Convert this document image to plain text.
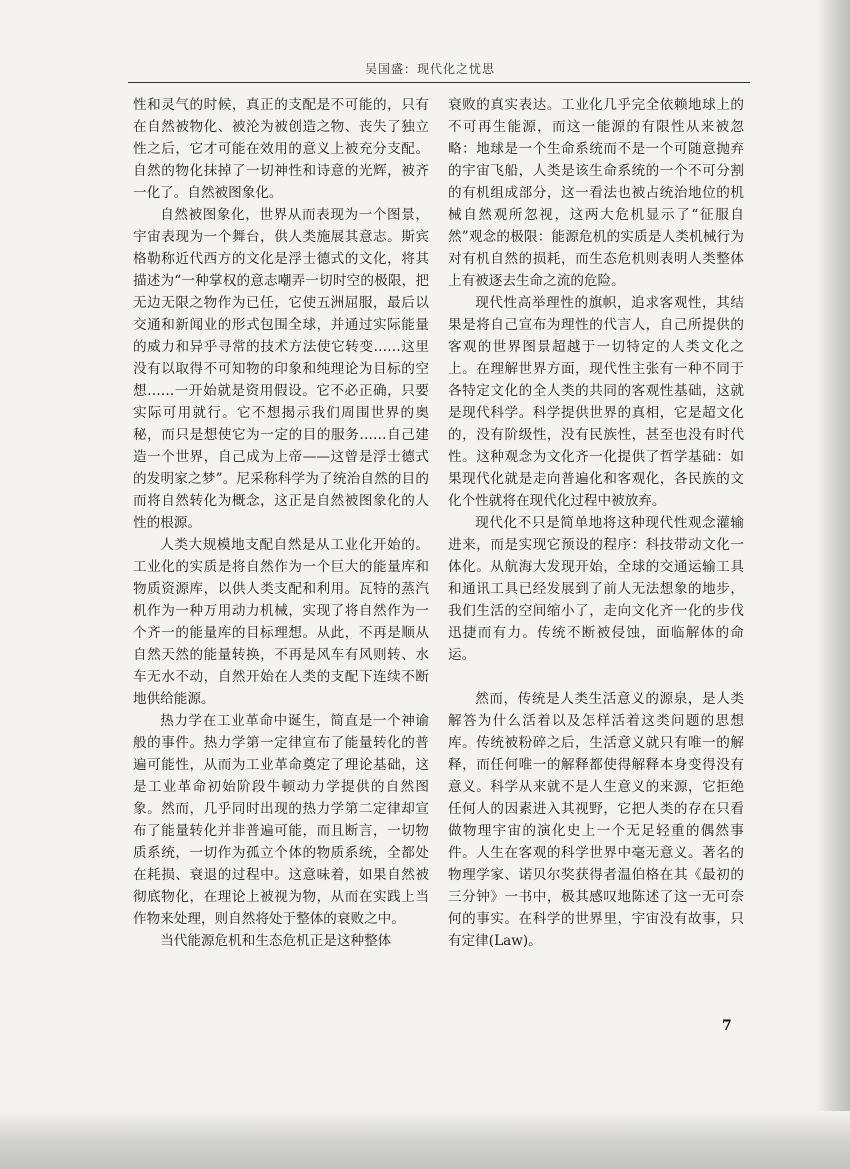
吴国盛：现代化之忧思

性和灵气的时候，真正的支配是不可能的，只有在自然被物化、被沦为被创造之物、丧失了独立性之后，它才可能在效用的意义上被充分支配。自然的物化抹掉了一切神性和诗意的光辉，被齐一化了。自然被图象化。

自然被图象化，世界从而表现为一个图景，宇宙表现为一个舞台，供人类施展其意志。斯宾格勒称近代西方的文化是浮士德式的文化，将其描述为“一种掌权的意志嘲弄一切时空的极限，把无边无限之物作为已任，它使五洲屈服，最后以交通和新闻业的形式包围全球，并通过实际能量的威力和异乎寻常的技术方法使它转变……这里没有以取得不可知物的印象和纯理论为目标的空想……一开始就是资用假设。它不必正确，只要实际可用就行。它不想揭示我们周围世界的奥秘，而只是想使它为一定的目的服务……自己建造一个世界，自己成为上帝——这曾是浮士德式的发明家之梦”。尼采称科学为了统治自然的目的而将自然转化为概念，这正是自然被图象化的人性的根源。

人类大规模地支配自然是从工业化开始的。工业化的实质是将自然作为一个巨大的能量库和物质资源库，以供人类支配和利用。瓦特的蒸汽机作为一种万用动力机械，实现了将自然作为一个齐一的能量库的目标理想。从此，不再是顺从自然天然的能量转换，不再是风车有风则转、水车无水不动，自然开始在人类的支配下连续不断地供给能源。

热力学在工业革命中诞生，简直是一个神谕般的事件。热力学第一定律宣布了能量转化的普遍可能性，从而为工业革命奠定了理论基础，这是工业革命初始阶段牛顿动力学提供的自然图象。然而，几乎同时出现的热力学第二定律却宣布了能量转化并非普遍可能，而且断言，一切物质系统，一切作为孤立个体的物质系统，全都处在耗损、衰退的过程中。这意味着，如果自然被彻底物化，在理论上被视为物，从而在实践上当作物来处理，则自然将处于整体的衰败之中。

当代能源危机和生态危机正是这种整体

衰败的真实表达。工业化几乎完全依赖地球上的不可再生能源，而这一能源的有限性从来被忽略：地球是一个生命系统而不是一个可随意抛弃的宇宙飞船，人类是该生命系统的一个不可分割的有机组成部分，这一看法也被占统治地位的机械自然观所忽视，这两大危机显示了“征服自然”观念的极限：能源危机的实质是人类机械行为对有机自然的损耗，而生态危机则表明人类整体上有被逐去生命之流的危险。

现代性高举理性的旗帜，追求客观性，其结果是将自己宣布为理性的代言人，自己所提供的客观的世界图景超越于一切特定的人类文化之上。在理解世界方面，现代性主张有一种不同于各特定文化的全人类的共同的客观性基础，这就是现代科学。科学提供世界的真相，它是超文化的，没有阶级性，没有民族性，甚至也没有时代性。这种观念为文化齐一化提供了哲学基础：如果现代化就是走向普遍化和客观化，各民族的文化个性就将在现代化过程中被放弃。

现代化不只是简单地将这种现代性观念灌输进来，而是实现它预设的程序：科技带动文化一体化。从航海大发现开始，全球的交通运输工具和通讯工具已经发展到了前人无法想象的地步，我们生活的空间缩小了，走向文化齐一化的步伐迅捷而有力。传统不断被侵蚀，面临解体的命运。

然而，传统是人类生活意义的源泉，是人类解答为什么活着以及怎样活着这类问题的思想库。传统被粉碎之后，生活意义就只有唯一的解释，而任何唯一的解释都使得解释本身变得没有意义。科学从来就不是人生意义的来源，它拒绝任何人的因素进入其视野，它把人类的存在只看做物理宇宙的演化史上一个无足轻重的偶然事件。人生在客观的科学世界中毫无意义。著名的物理学家、诺贝尔奖获得者温伯格在其《最初的三分钟》一书中，极其感叹地陈述了这一无可奈何的事实。在科学的世界里，宇宙没有故事，只有定律(Law)。

7
